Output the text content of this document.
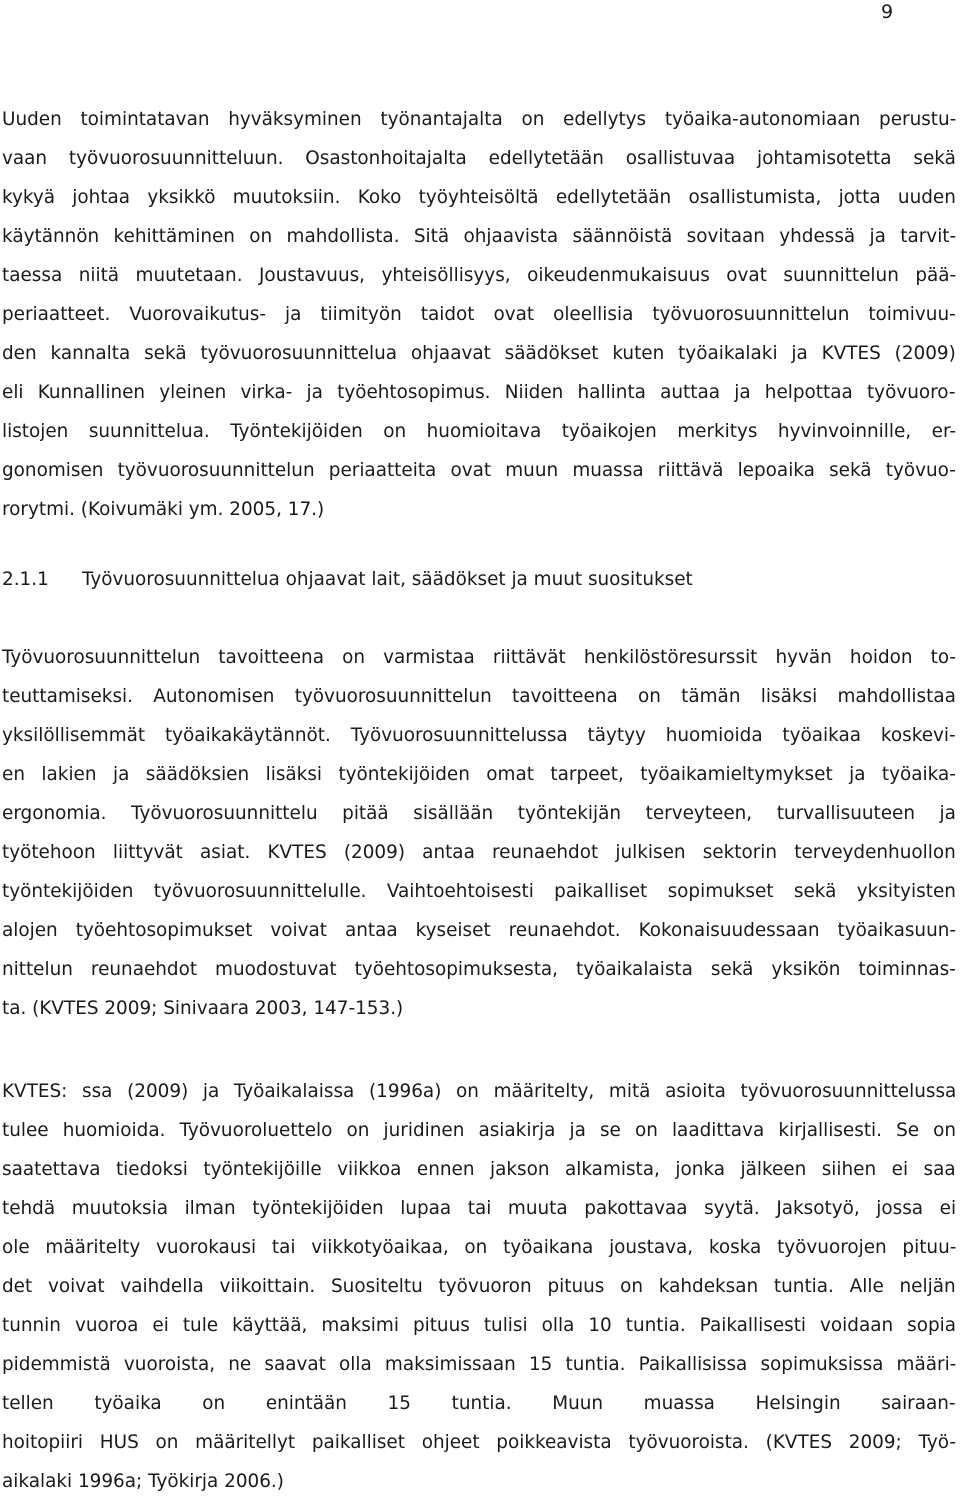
9
Uuden toimintatavan hyväksyminen työnantajalta on edellytys työaika-autonomiaan perustu-
vaan työvuorosuunnitteluun. Osastonhoitajalta edellytetään osallistuvaa johtamisotetta sekä
kykyä johtaa yksikkö muutoksiin. Koko työyhteisöltä edellytetään osallistumista, jotta uuden
käytännön kehittäminen on mahdollista. Sitä ohjaavista säännöistä sovitaan yhdessä ja tarvit-
taessa niitä muutetaan. Joustavuus, yhteisöllisyys, oikeudenmukaisuus ovat suunnittelun pää-
periaatteet. Vuorovaikutus- ja tiimityön taidot ovat oleellisia työvuorosuunnittelun toimivuu-
den kannalta sekä työvuorosuunnittelua ohjaavat säädökset kuten työaikalaki ja KVTES (2009)
eli Kunnallinen yleinen virka- ja työehtosopimus. Niiden hallinta auttaa ja helpottaa työvuoro-
listojen suunnittelua. Työntekijöiden on huomioitava työaikojen merkitys hyvinvoinnille, er-
gonomisen työvuorosuunnittelun periaatteita ovat muun muassa riittävä lepoaika sekä työvuo-
rorytmi. (Koivumäki ym. 2005, 17.)
2.1.1 Työvuorosuunnittelua ohjaavat lait, säädökset ja muut suositukset
Työvuorosuunnittelun tavoitteena on varmistaa riittävät henkilöstöresurssit hyvän hoidon to-
teuttamiseksi. Autonomisen työvuorosuunnittelun tavoitteena on tämän lisäksi mahdollistaa
yksilöllisemmät työaikakäytännöt. Työvuorosuunnittelussa täytyy huomioida työaikaa koskevi-
en lakien ja säädöksien lisäksi työntekijöiden omat tarpeet, työaikamieltymykset ja työaika-
ergonomia. Työvuorosuunnittelu pitää sisällään työntekijän terveyteen, turvallisuuteen ja
työtehoon liittyvät asiat. KVTES (2009) antaa reunaehdot julkisen sektorin terveydenhuollon
työntekijöiden työvuorosuunnittelulle. Vaihtoehtoisesti paikalliset sopimukset sekä yksityisten
alojen työehtosopimukset voivat antaa kyseiset reunaehdot. Kokonaisuudessaan työaikasuun-
nittelun reunaehdot muodostuvat työehtosopimuksesta, työaikalaista sekä yksikön toiminnas-
ta. (KVTES 2009; Sinivaara 2003, 147-153.)
KVTES: ssa (2009) ja Työaikalaissa (1996a) on määritelty, mitä asioita työvuorosuunnittelussa
tulee huomioida. Työvuoroluettelo on juridinen asiakirja ja se on laadittava kirjallisesti. Se on
saatettava tiedoksi työntekijöille viikkoa ennen jakson alkamista, jonka jälkeen siihen ei saa
tehdä muutoksia ilman työntekijöiden lupaa tai muuta pakottavaa syytä. Jaksotyö, jossa ei
ole määritelty vuorokausi tai viikkotyöaikaa, on työaikana joustava, koska työvuorojen pituu-
det voivat vaihdella viikoittain. Suositeltu työvuoron pituus on kahdeksan tuntia. Alle neljän
tunnin vuoroa ei tule käyttää, maksimi pituus tulisi olla 10 tuntia. Paikallisesti voidaan sopia
pidemmistä vuoroista, ne saavat olla maksimissaan 15 tuntia. Paikallisissa sopimuksissa määri-
tellen työaika on enintään 15 tuntia. Muun muassa Helsingin sairaan-
hoitopiiri HUS on määritellyt paikalliset ohjeet poikkeavista työvuoroista. (KVTES 2009; Työ-
aikalaki 1996a; Työkirja 2006.)
